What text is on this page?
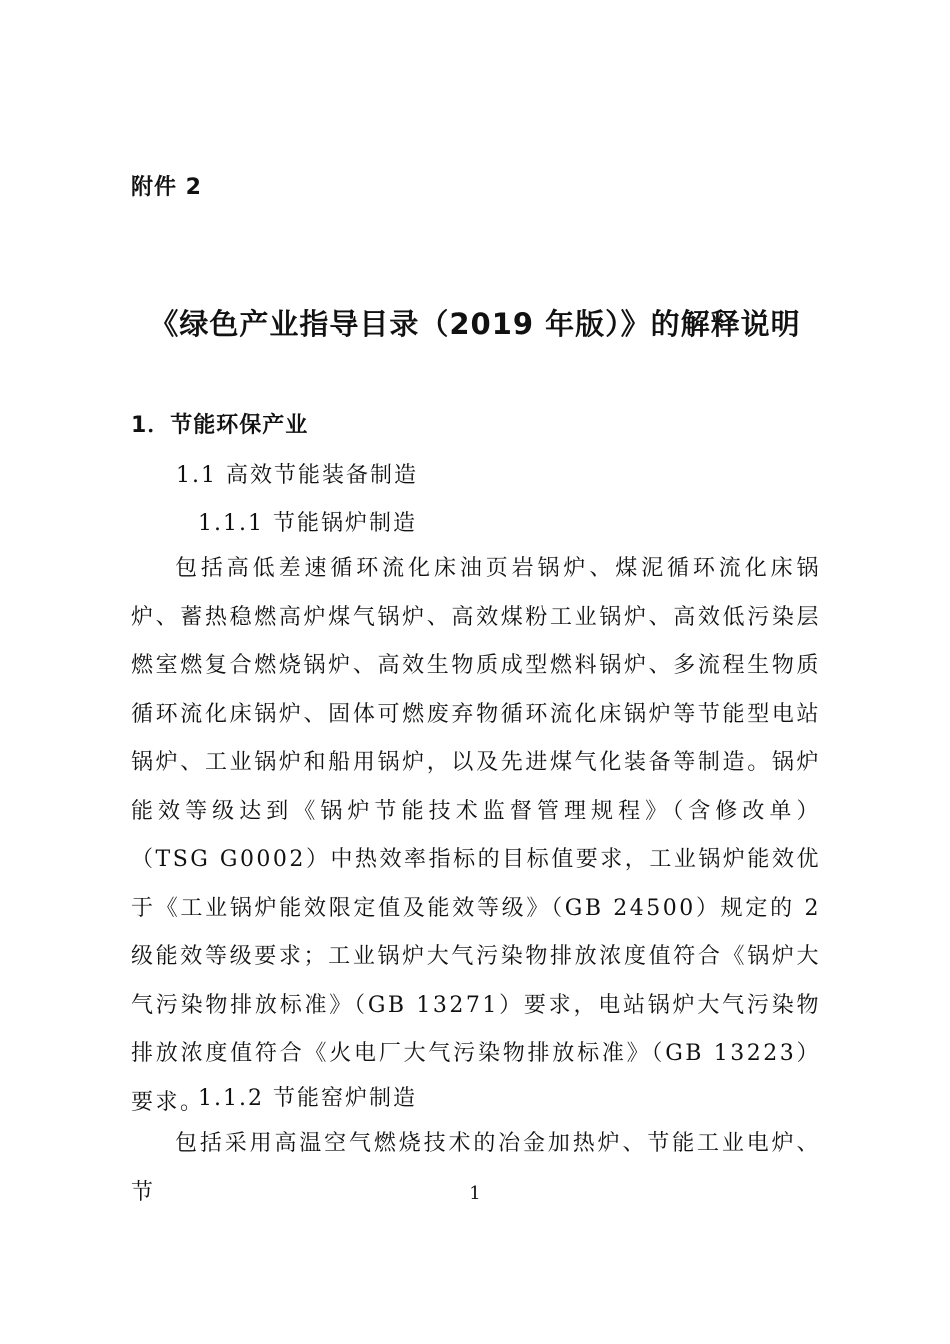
附件 2
《绿色产业指导目录（2019 年版）》的解释说明
1．节能环保产业
1.1 高效节能装备制造
1.1.1 节能锅炉制造

包括高低差速循环流化床油页岩锅炉、煤泥循环流化床锅炉、蓄热稳燃高炉煤气锅炉、高效煤粉工业锅炉、高效低污染层燃室燃复合燃烧锅炉、高效生物质成型燃料锅炉、多流程生物质循环流化床锅炉、固体可燃废弃物循环流化床锅炉等节能型电站锅炉、工业锅炉和船用锅炉，以及先进煤气化装备等制造。锅炉能效等级达到《锅炉节能技术监督管理规程》（含修改单）（TSG G0002）中热效率指标的目标值要求，工业锅炉能效优于《工业锅炉能效限定值及能效等级》（GB 24500）规定的 2 级能效等级要求；工业锅炉大气污染物排放浓度值符合《锅炉大气污染物排放标准》（GB 13271）要求，电站锅炉大气污染物排放浓度值符合《火电厂大气污染物排放标准》（GB 13223）要求。

1.1.2 节能窑炉制造

包括采用高温空气燃烧技术的冶金加热炉、节能工业电炉、节	1
